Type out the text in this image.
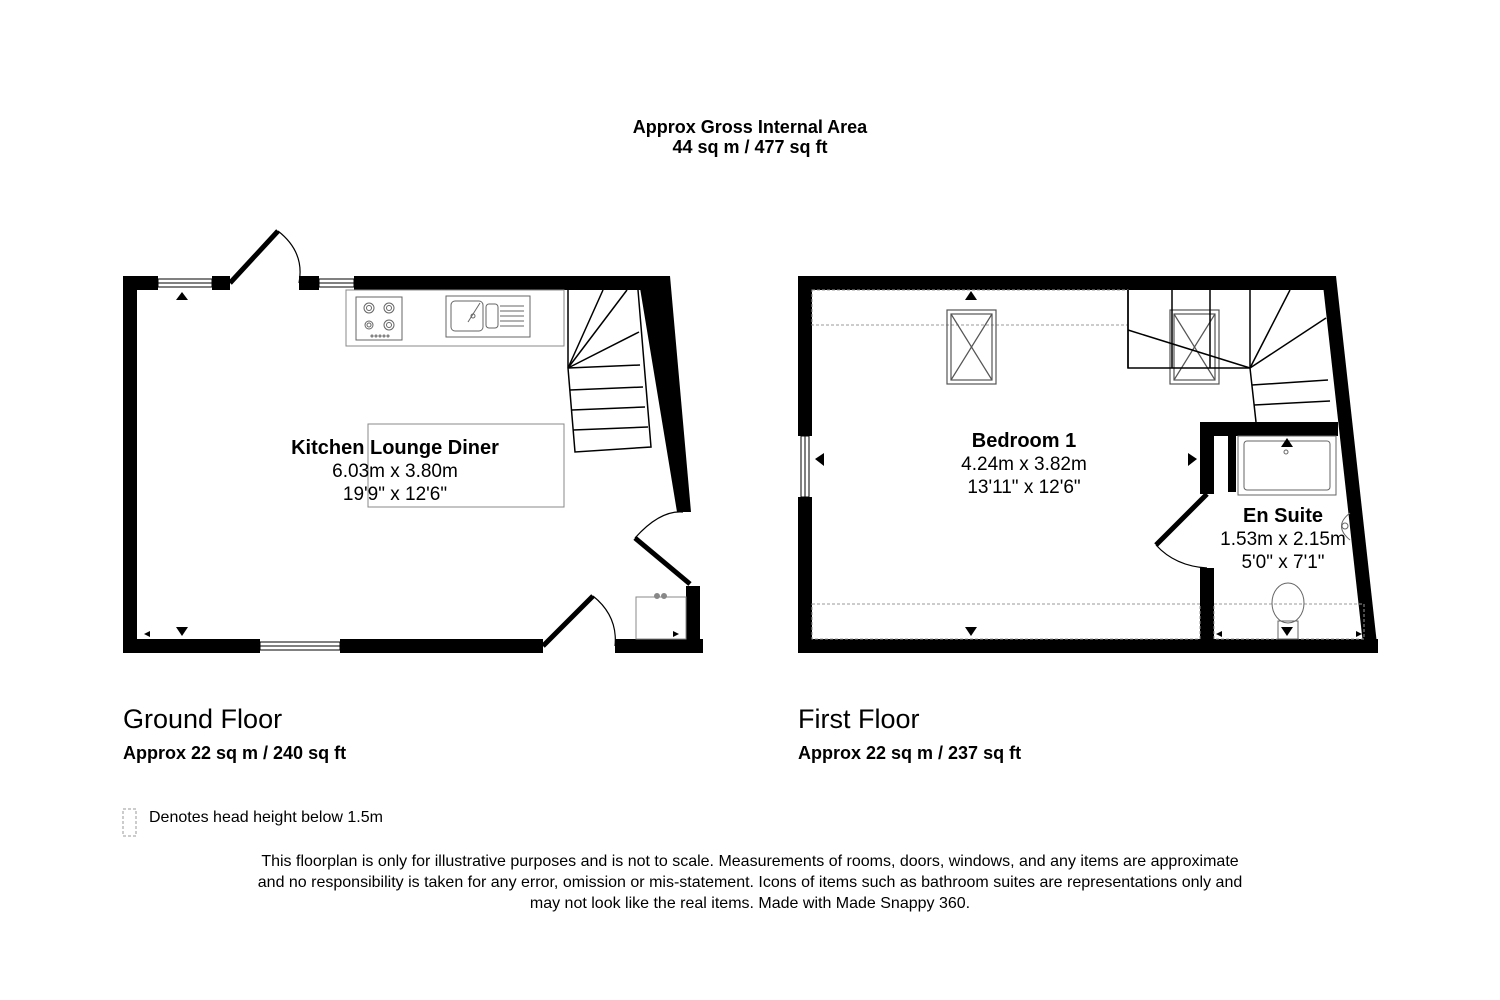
Approx Gross Internal Area
44 sq m / 477 sq ft
Kitchen Lounge Diner
6.03m x 3.80m
19'9" x 12'6"
Bedroom 1
4.24m x 3.82m
13'11" x 12'6"
En Suite
1.53m x 2.15m
5'0" x 7'1"
Ground Floor
Approx 22 sq m / 240 sq ft
First Floor
Approx 22 sq m / 237 sq ft
Denotes head height below 1.5m
This floorplan is only for illustrative purposes and is not to scale. Measurements of rooms, doors, windows, and any items are approximate
and no responsibility is taken for any error, omission or mis-statement. Icons of items such as bathroom suites are representations only and
may not look like the real items. Made with Made Snappy 360.
